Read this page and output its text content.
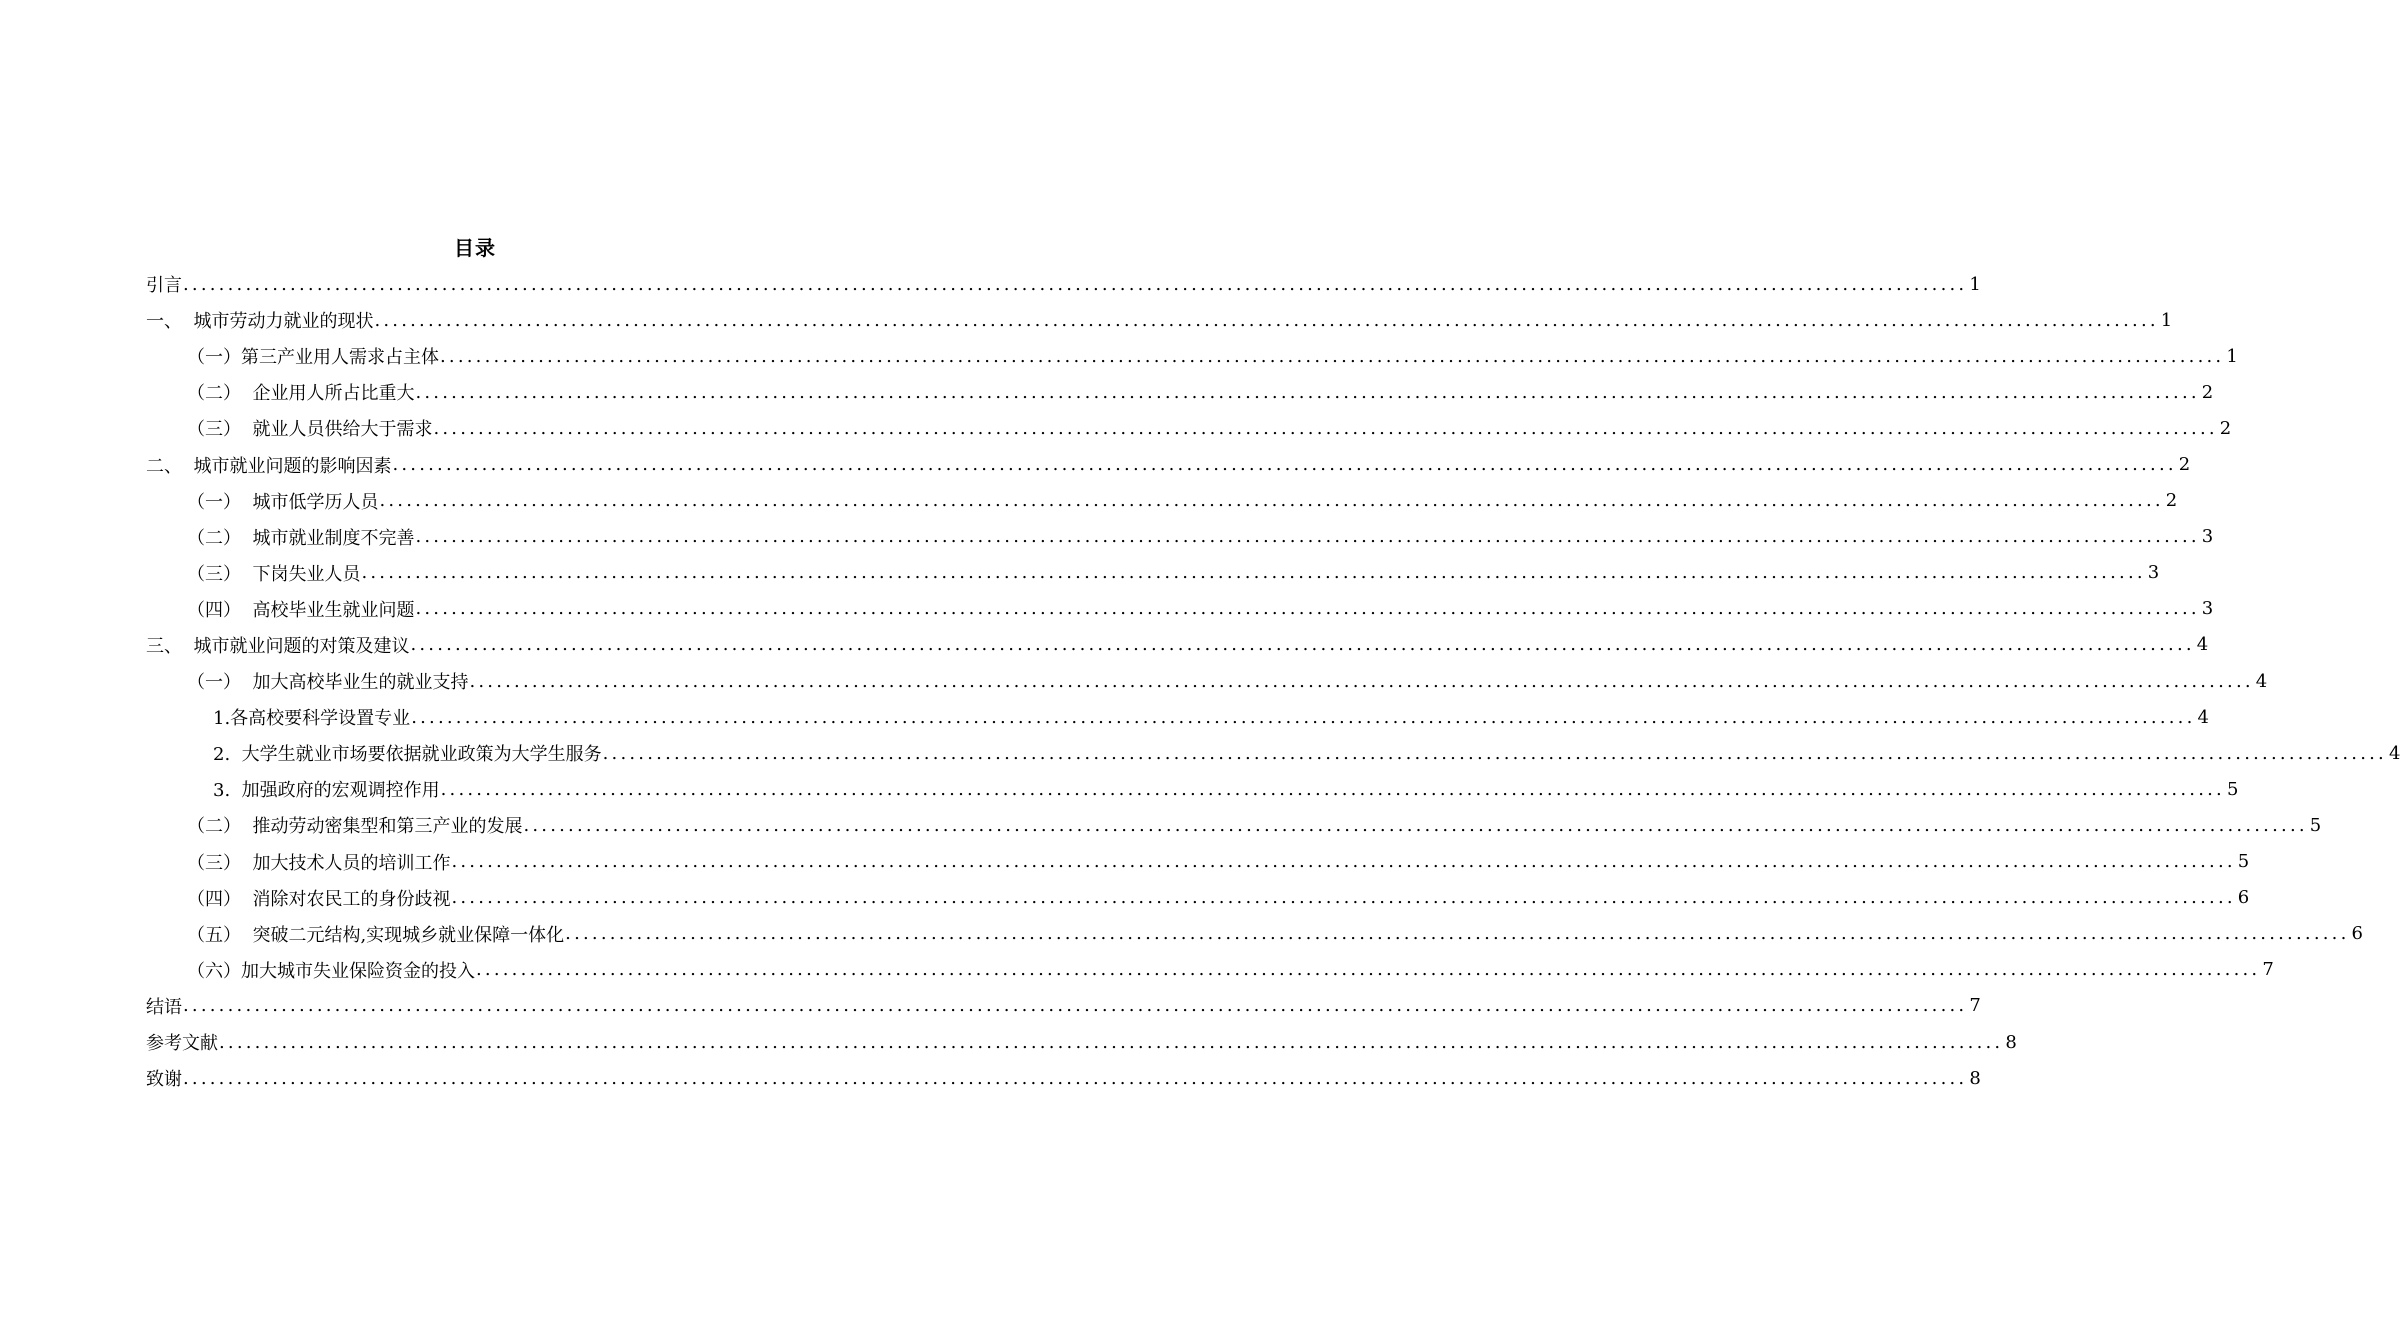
目录
引言 ........................................................................................................................................................................................................ 1
一、  城市劳动力就业的现状 ........................................................................................................................................................................................................ 1
（一）第三产业用人需求占主体 ........................................................................................................................................................................................................ 1
（二）  企业用人所占比重大 ........................................................................................................................................................................................................ 2
（三）  就业人员供给大于需求 ........................................................................................................................................................................................................ 2
二、  城市就业问题的影响因素 ........................................................................................................................................................................................................ 2
（一）  城市低学历人员 ........................................................................................................................................................................................................ 2
（二）  城市就业制度不完善 ........................................................................................................................................................................................................ 3
（三）  下岗失业人员 ........................................................................................................................................................................................................ 3
（四）  高校毕业生就业问题 ........................................................................................................................................................................................................ 3
三、  城市就业问题的对策及建议 ........................................................................................................................................................................................................ 4
（一）  加大高校毕业生的就业支持 ........................................................................................................................................................................................................ 4
1.各高校要科学设置专业 ........................................................................................................................................................................................................ 4
2.  大学生就业市场要依据就业政策为大学生服务 ........................................................................................................................................................................................................ 4
3.  加强政府的宏观调控作用 ........................................................................................................................................................................................................ 5
（二）  推动劳动密集型和第三产业的发展 ........................................................................................................................................................................................................ 5
（三）  加大技术人员的培训工作 ........................................................................................................................................................................................................ 5
（四）  消除对农民工的身份歧视 ........................................................................................................................................................................................................ 6
（五）  突破二元结构,实现城乡就业保障一体化 ........................................................................................................................................................................................................ 6
（六）加大城市失业保险资金的投入 ........................................................................................................................................................................................................ 7
结语 ........................................................................................................................................................................................................ 7
参考文献 ........................................................................................................................................................................................................ 8
致谢 ........................................................................................................................................................................................................ 8
